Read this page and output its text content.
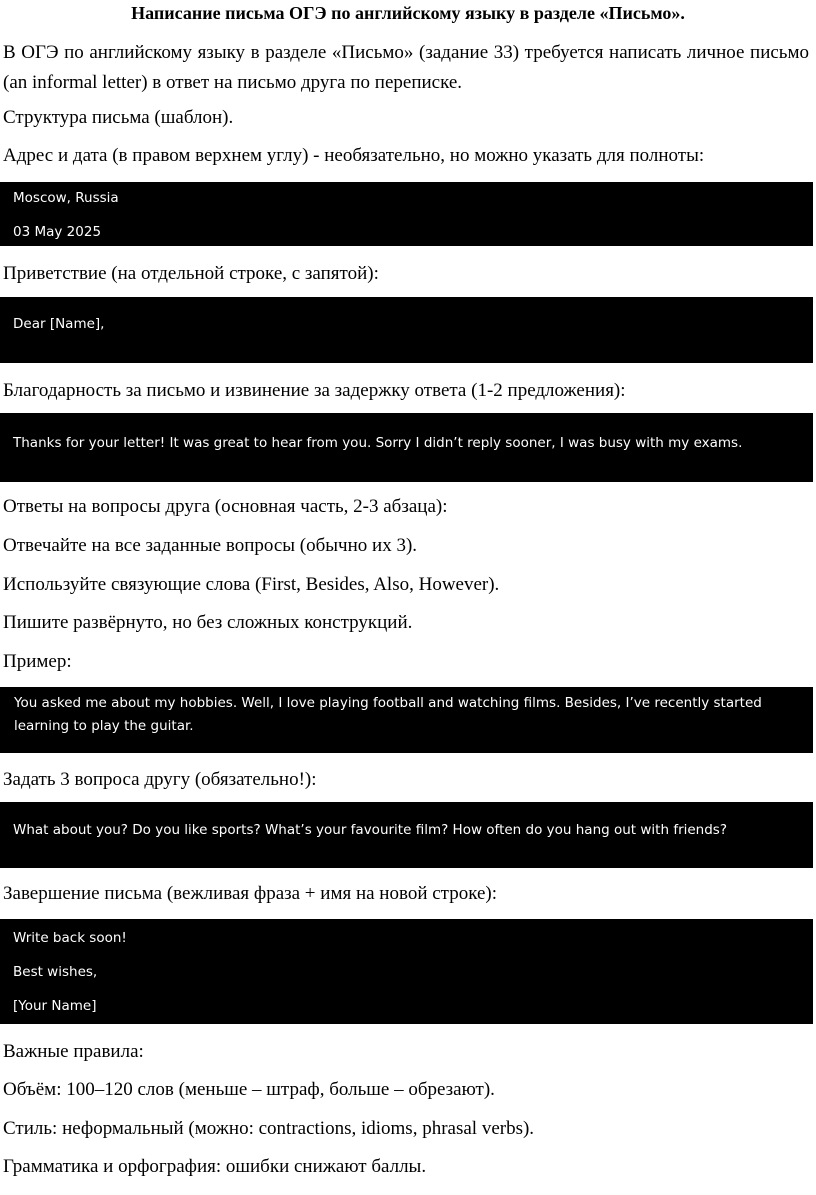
Написание письма ОГЭ по английскому языку в разделе «Письмо».
В ОГЭ по английскому языку в разделе «Письмо» (задание 33) требуется написать личное письмо (an informal letter) в ответ на письмо друга по переписке.
Структура письма (шаблон).
Адрес и дата (в правом верхнем углу) - необязательно, но можно указать для полноты:
Moscow, Russia
03 May 2025
Приветствие (на отдельной строке, с запятой):
Dear [Name],
Благодарность за письмо и извинение за задержку ответа (1-2 предложения):
Thanks for your letter! It was great to hear from you. Sorry I didn’t reply sooner, I was busy with my exams.
Ответы на вопросы друга (основная часть, 2-3 абзаца):
Отвечайте на все заданные вопросы (обычно их 3).
Используйте связующие слова (First, Besides, Also, However).
Пишите развёрнуто, но без сложных конструкций.
Пример:
You asked me about my hobbies. Well, I love playing football and watching films. Besides, I’ve recently started learning to play the guitar.
Задать 3 вопроса другу (обязательно!):
What about you? Do you like sports? What’s your favourite film? How often do you hang out with friends?
Завершение письма (вежливая фраза + имя на новой строке):
Write back soon!
Best wishes,
[Your Name]
Важные правила:
Объём: 100–120 слов (меньше – штраф, больше – обрезают).
Стиль: неформальный (можно: contractions, idioms, phrasal verbs).
Грамматика и орфография: ошибки снижают баллы.
